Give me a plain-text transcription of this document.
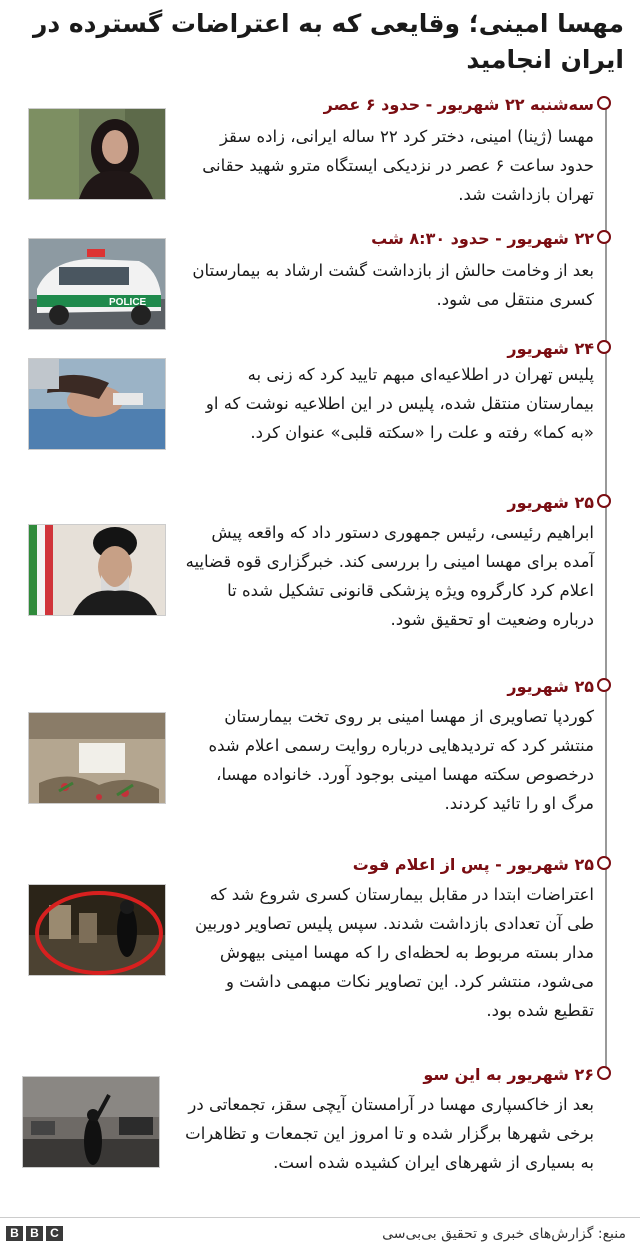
مهسا امینی؛ وقایعی که به اعتراضات گسترده در ایران انجامید
سه‌شنبه ۲۲ شهریور - حدود ۶ عصر
مهسا (ژینا) امینی، دختر کرد ۲۲ ساله ایرانی، زاده سقز حدود ساعت ۶ عصر در نزدیکی ایستگاه مترو شهید حقانی تهران بازداشت شد.
۲۲ شهریور - حدود ۸:۳۰ شب
بعد از وخامت حالش از بازداشت گشت ارشاد به بیمارستان کسری منتقل می شود.
POLICE
۲۴ شهریور
پلیس تهران در اطلاعیه‌ای مبهم تایید کرد که زنی به بیمارستان منتقل شده، پلیس در این اطلاعیه نوشت که او «به کما» رفته و علت را «سکته قلبی» عنوان کرد.
۲۵ شهریور
ابراهیم رئیسی، رئیس جمهوری دستور داد که واقعه پیش آمده برای مهسا امینی را بررسی کند. خبرگزاری قوه قضاییه اعلام کرد کارگروه ویژه پزشکی قانونی تشکیل شده تا درباره وضعیت او تحقیق شود.
۲۵ شهریور
کوردپا تصاویری از مهسا امینی بر روی تخت بیمارستان منتشر کرد که تردیدهایی درباره روایت رسمی اعلام شده درخصوص سکته مهسا امینی بوجود آورد. خانواده مهسا، مرگ او را تائید کردند.
۲۵ شهریور - پس از اعلام فوت
اعتراضات ابتدا در مقابل بیمارستان کسری شروع شد که طی آن تعدادی بازداشت شدند. سپس پلیس تصاویر دوربین مدار بسته مربوط به لحظه‌ای را که مهسا امینی بیهوش می‌شود، منتشر کرد. این تصاویر نکات مبهمی داشت و تقطیع شده بود.
۲۶ شهریور به این سو
بعد از خاکسپاری مهسا در آرامستان آیچی سقز، تجمعاتی در برخی شهرها برگزار شده و تا امروز این تجمعات و تظاهرات به بسیاری از شهرهای ایران کشیده شده است.
B B C	منبع: گزارش‌های خبری و تحقیق بی‌بی‌سی
